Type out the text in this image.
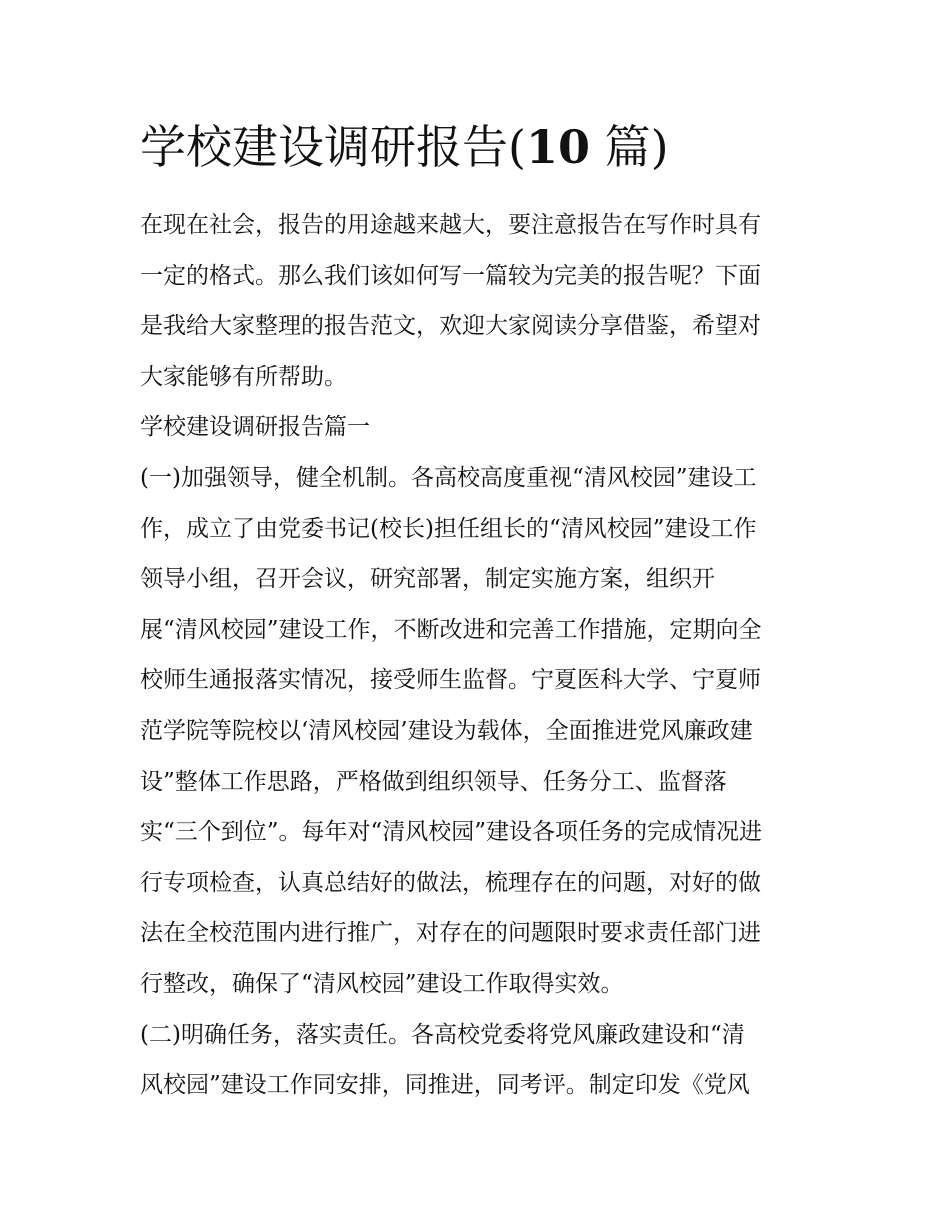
学校建设调研报告(10 篇)

在现在社会，报告的用途越来越大，要注意报告在写作时具有

一定的格式。那么我们该如何写一篇较为完美的报告呢？下面

是我给大家整理的报告范文，欢迎大家阅读分享借鉴，希望对

大家能够有所帮助。

学校建设调研报告篇一

(一)加强领导，健全机制。各高校高度重视“清风校园”建设工

作，成立了由党委书记(校长)担任组长的“清风校园”建设工作

领导小组，召开会议，研究部署，制定实施方案，组织开

展“清风校园”建设工作，不断改进和完善工作措施，定期向全

校师生通报落实情况，接受师生监督。宁夏医科大学、宁夏师

范学院等院校以‘清风校园’建设为载体，全面推进党风廉政建

设”整体工作思路，严格做到组织领导、任务分工、监督落

实“三个到位”。每年对“清风校园”建设各项任务的完成情况进

行专项检查，认真总结好的做法，梳理存在的问题，对好的做

法在全校范围内进行推广，对存在的问题限时要求责任部门进

行整改，确保了“清风校园”建设工作取得实效。

(二)明确任务，落实责任。各高校党委将党风廉政建设和“清

风校园”建设工作同安排，同推进，同考评。制定印发《党风
